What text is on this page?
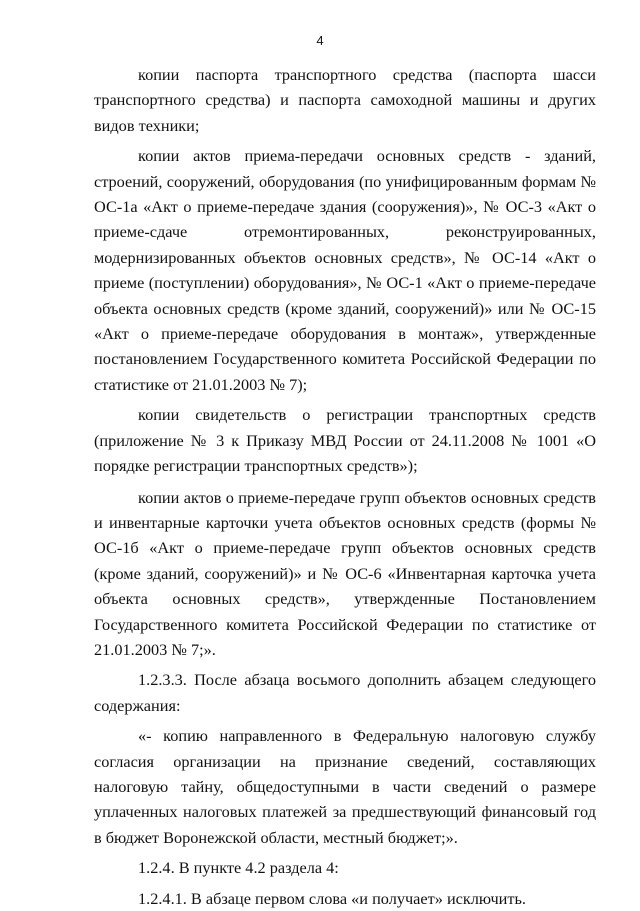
4

копии паспорта транспортного средства (паспорта шасси транспортного средства) и паспорта самоходной машины и других видов техники;

копии актов приема-передачи основных средств - зданий, строений, сооружений, оборудования (по унифицированным формам № ОС-1а «Акт о приеме-передаче здания (сооружения)», № ОС-3 «Акт о приеме-сдаче отремонтированных, реконструированных, модернизированных объектов основных средств», № ОС-14 «Акт о приеме (поступлении) оборудования», № ОС-1 «Акт о приеме-передаче объекта основных средств (кроме зданий, сооружений)» или № ОС-15 «Акт о приеме-передаче оборудования в монтаж», утвержденные постановлением Государственного комитета Российской Федерации по статистике от 21.01.2003 № 7);

копии свидетельств о регистрации транспортных средств (приложение № 3 к Приказу МВД России от 24.11.2008 № 1001 «О порядке регистрации транспортных средств»);

копии актов о приеме-передаче групп объектов основных средств и инвентарные карточки учета объектов основных средств (формы № ОС-1б «Акт о приеме-передаче групп объектов основных средств (кроме зданий, сооружений)» и № ОС-6 «Инвентарная карточка учета объекта основных средств», утвержденные Постановлением Государственного комитета Российской Федерации по статистике от 21.01.2003 № 7;».

1.2.3.3. После абзаца восьмого дополнить абзацем следующего содержания:

«- копию направленного в Федеральную налоговую службу согласия организации на признание сведений, составляющих налоговую тайну, общедоступными в части сведений о размере уплаченных налоговых платежей за предшествующий финансовый год в бюджет Воронежской области, местный бюджет;».

1.2.4. В пункте 4.2 раздела 4:

1.2.4.1. В абзаце первом слова «и получает» исключить.
